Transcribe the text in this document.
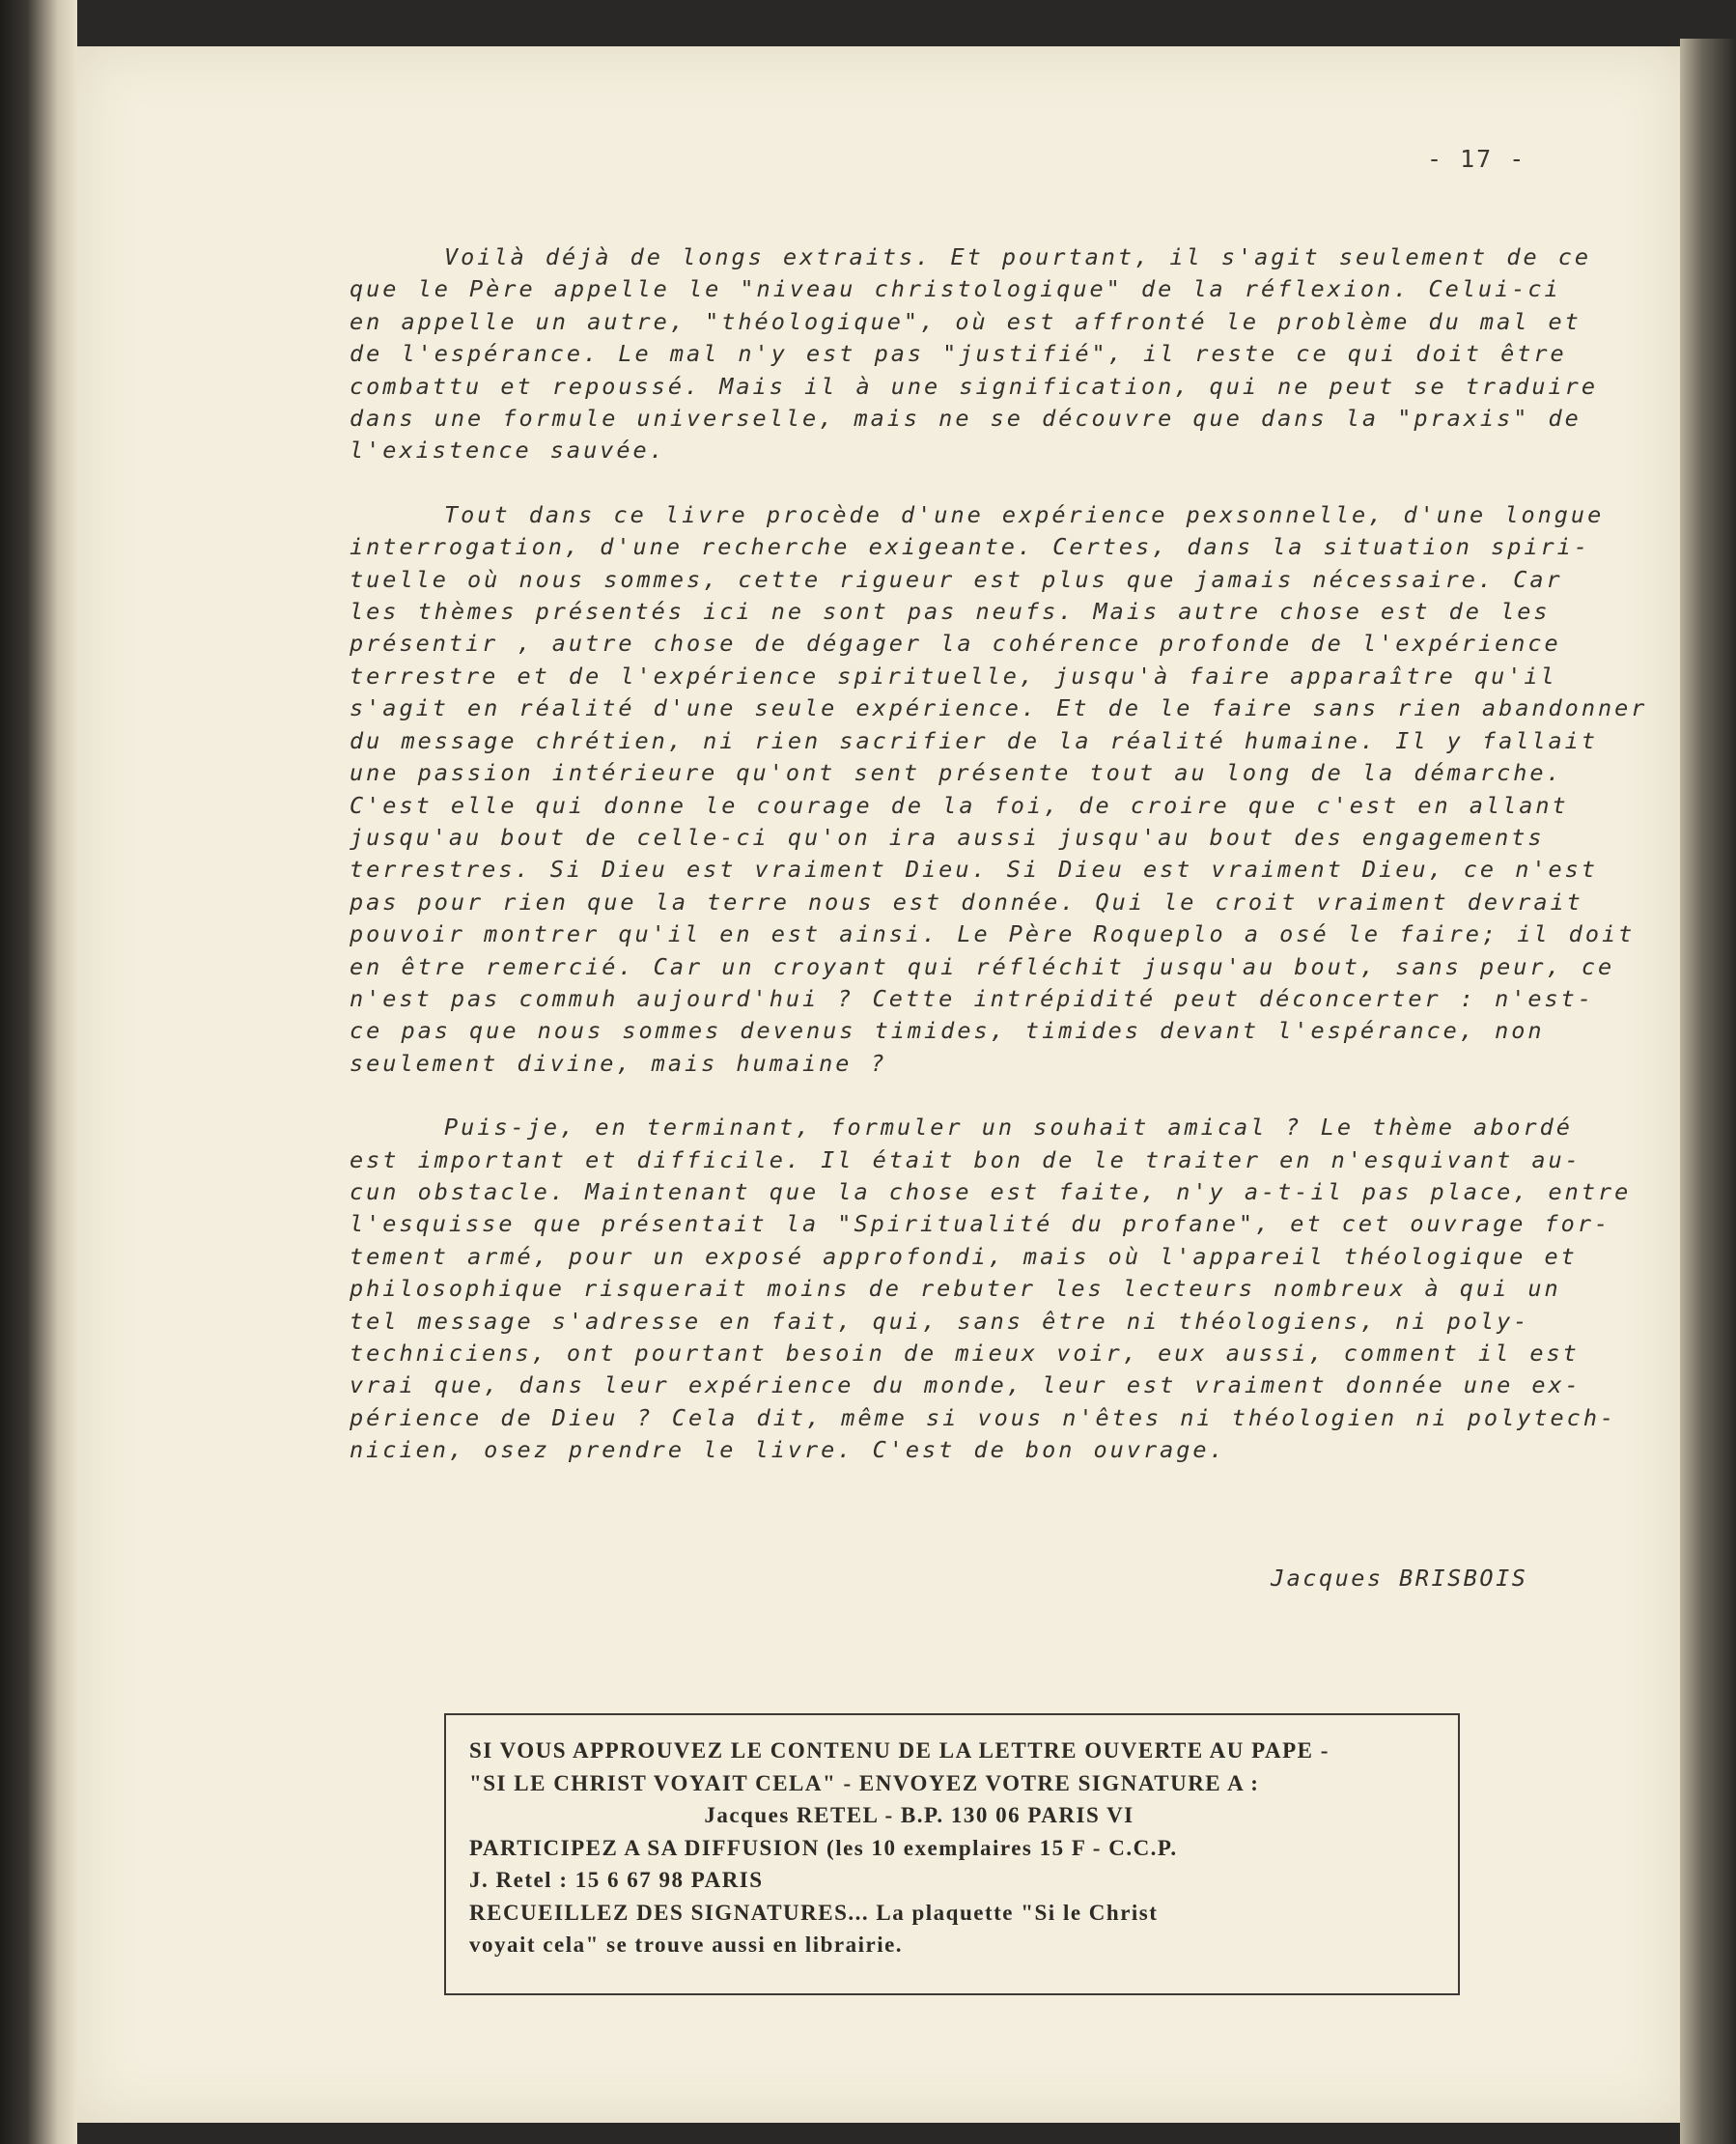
- 17 -

Voilà déjà de longs extraits. Et pourtant, il s'agit seulement de ce
que le Père appelle le "niveau christologique" de la réflexion. Celui-ci
en appelle un autre, "théologique", où est affronté le problème du mal et
de l'espérance. Le mal n'y est pas "justifié", il reste ce qui doit être
combattu et repoussé. Mais il à une signification, qui ne peut se traduire
dans une formule universelle, mais ne se découvre que dans la "praxis" de
l'existence sauvée.

Tout dans ce livre procède d'une expérience pexsonnelle, d'une longue
interrogation, d'une recherche exigeante. Certes, dans la situation spiri-
tuelle où nous sommes, cette rigueur est plus que jamais nécessaire. Car
les thèmes présentés ici ne sont pas neufs. Mais autre chose est de les
présentir , autre chose de dégager la cohérence profonde de l'expérience
terrestre et de l'expérience spirituelle, jusqu'à faire apparaître qu'il
s'agit en réalité d'une seule expérience. Et de le faire sans rien abandonner
du message chrétien, ni rien sacrifier de la réalité humaine. Il y fallait
une passion intérieure qu'ont sent présente tout au long de la démarche.
C'est elle qui donne le courage de la foi, de croire que c'est en allant
jusqu'au bout de celle-ci qu'on ira aussi jusqu'au bout des engagements
terrestres. Si Dieu est vraiment Dieu. Si Dieu est vraiment Dieu, ce n'est
pas pour rien que la terre nous est donnée. Qui le croit vraiment devrait
pouvoir montrer qu'il en est ainsi. Le Père Roqueplo a osé le faire; il doit
en être remercié. Car un croyant qui réfléchit jusqu'au bout, sans peur, ce
n'est pas commuh aujourd'hui ? Cette intrépidité peut déconcerter : n'est-
ce pas que nous sommes devenus timides, timides devant l'espérance, non
seulement divine, mais humaine ?

Puis-je, en terminant, formuler un souhait amical ? Le thème abordé
est important et difficile. Il était bon de le traiter en n'esquivant au-
cun obstacle. Maintenant que la chose est faite, n'y a-t-il pas place, entre
l'esquisse que présentait la "Spiritualité du profane", et cet ouvrage for-
tement armé, pour un exposé approfondi, mais où l'appareil théologique et
philosophique risquerait moins de rebuter les lecteurs nombreux à qui un
tel message s'adresse en fait, qui, sans être ni théologiens, ni poly-
techniciens, ont pourtant besoin de mieux voir, eux aussi, comment il est
vrai que, dans leur expérience du monde, leur est vraiment donnée une ex-
périence de Dieu ? Cela dit, même si vous n'êtes ni théologien ni polytech-
nicien, osez prendre le livre. C'est de bon ouvrage.

Jacques BRISBOIS
SI VOUS APPROUVEZ LE CONTENU DE LA LETTRE OUVERTE AU PAPE -
"SI LE CHRIST VOYAIT CELA" - ENVOYEZ VOTRE SIGNATURE A :
Jacques RETEL - B.P. 130 06 PARIS VI
PARTICIPEZ A SA DIFFUSION (les 10 exemplaires 15 F - C.C.P.
J. Retel : 15 6 67 98 PARIS
RECUEILLEZ DES SIGNATURES... La plaquette "Si le Christ
voyait cela" se trouve aussi en librairie.
